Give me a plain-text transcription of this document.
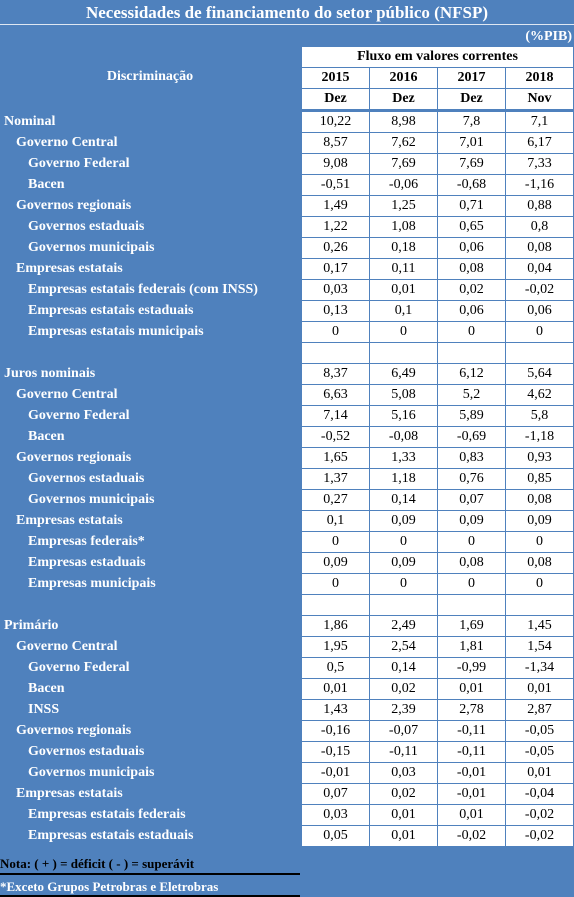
Necessidades de financiamento do setor público (NFSP)
(%PIB)
Discriminação
Fluxo em valores correntes
2015	2016	2017	2018
Dez	Dez	Dez	Nov
Nominal	10,22	8,98	7,8	7,1
Governo Central	8,57	7,62	7,01	6,17
Governo Federal	9,08	7,69	7,69	7,33
Bacen	-0,51	-0,06	-0,68	-1,16
Governos regionais	1,49	1,25	0,71	0,88
Governos estaduais	1,22	1,08	0,65	0,8
Governos municipais	0,26	0,18	0,06	0,08
Empresas estatais	0,17	0,11	0,08	0,04
Empresas estatais federais (com INSS)	0,03	0,01	0,02	-0,02
Empresas estatais estaduais	0,13	0,1	0,06	0,06
Empresas estatais municipais	0	0	0	0
Juros nominais	8,37	6,49	6,12	5,64
Governo Central	6,63	5,08	5,2	4,62
Governo Federal	7,14	5,16	5,89	5,8
Bacen	-0,52	-0,08	-0,69	-1,18
Governos regionais	1,65	1,33	0,83	0,93
Governos estaduais	1,37	1,18	0,76	0,85
Governos municipais	0,27	0,14	0,07	0,08
Empresas estatais	0,1	0,09	0,09	0,09
Empresas federais*	0	0	0	0
Empresas estaduais	0,09	0,09	0,08	0,08
Empresas municipais	0	0	0	0
Primário	1,86	2,49	1,69	1,45
Governo Central	1,95	2,54	1,81	1,54
Governo Federal	0,5	0,14	-0,99	-1,34
Bacen	0,01	0,02	0,01	0,01
INSS	1,43	2,39	2,78	2,87
Governos regionais	-0,16	-0,07	-0,11	-0,05
Governos estaduais	-0,15	-0,11	-0,11	-0,05
Governos municipais	-0,01	0,03	-0,01	0,01
Empresas estatais	0,07	0,02	-0,01	-0,04
Empresas estatais federais	0,03	0,01	0,01	-0,02
Empresas estatais estaduais	0,05	0,01	-0,02	-0,02
Nota: ( + ) = déficit ( - ) = superávit
*Exceto Grupos Petrobras e Eletrobras
